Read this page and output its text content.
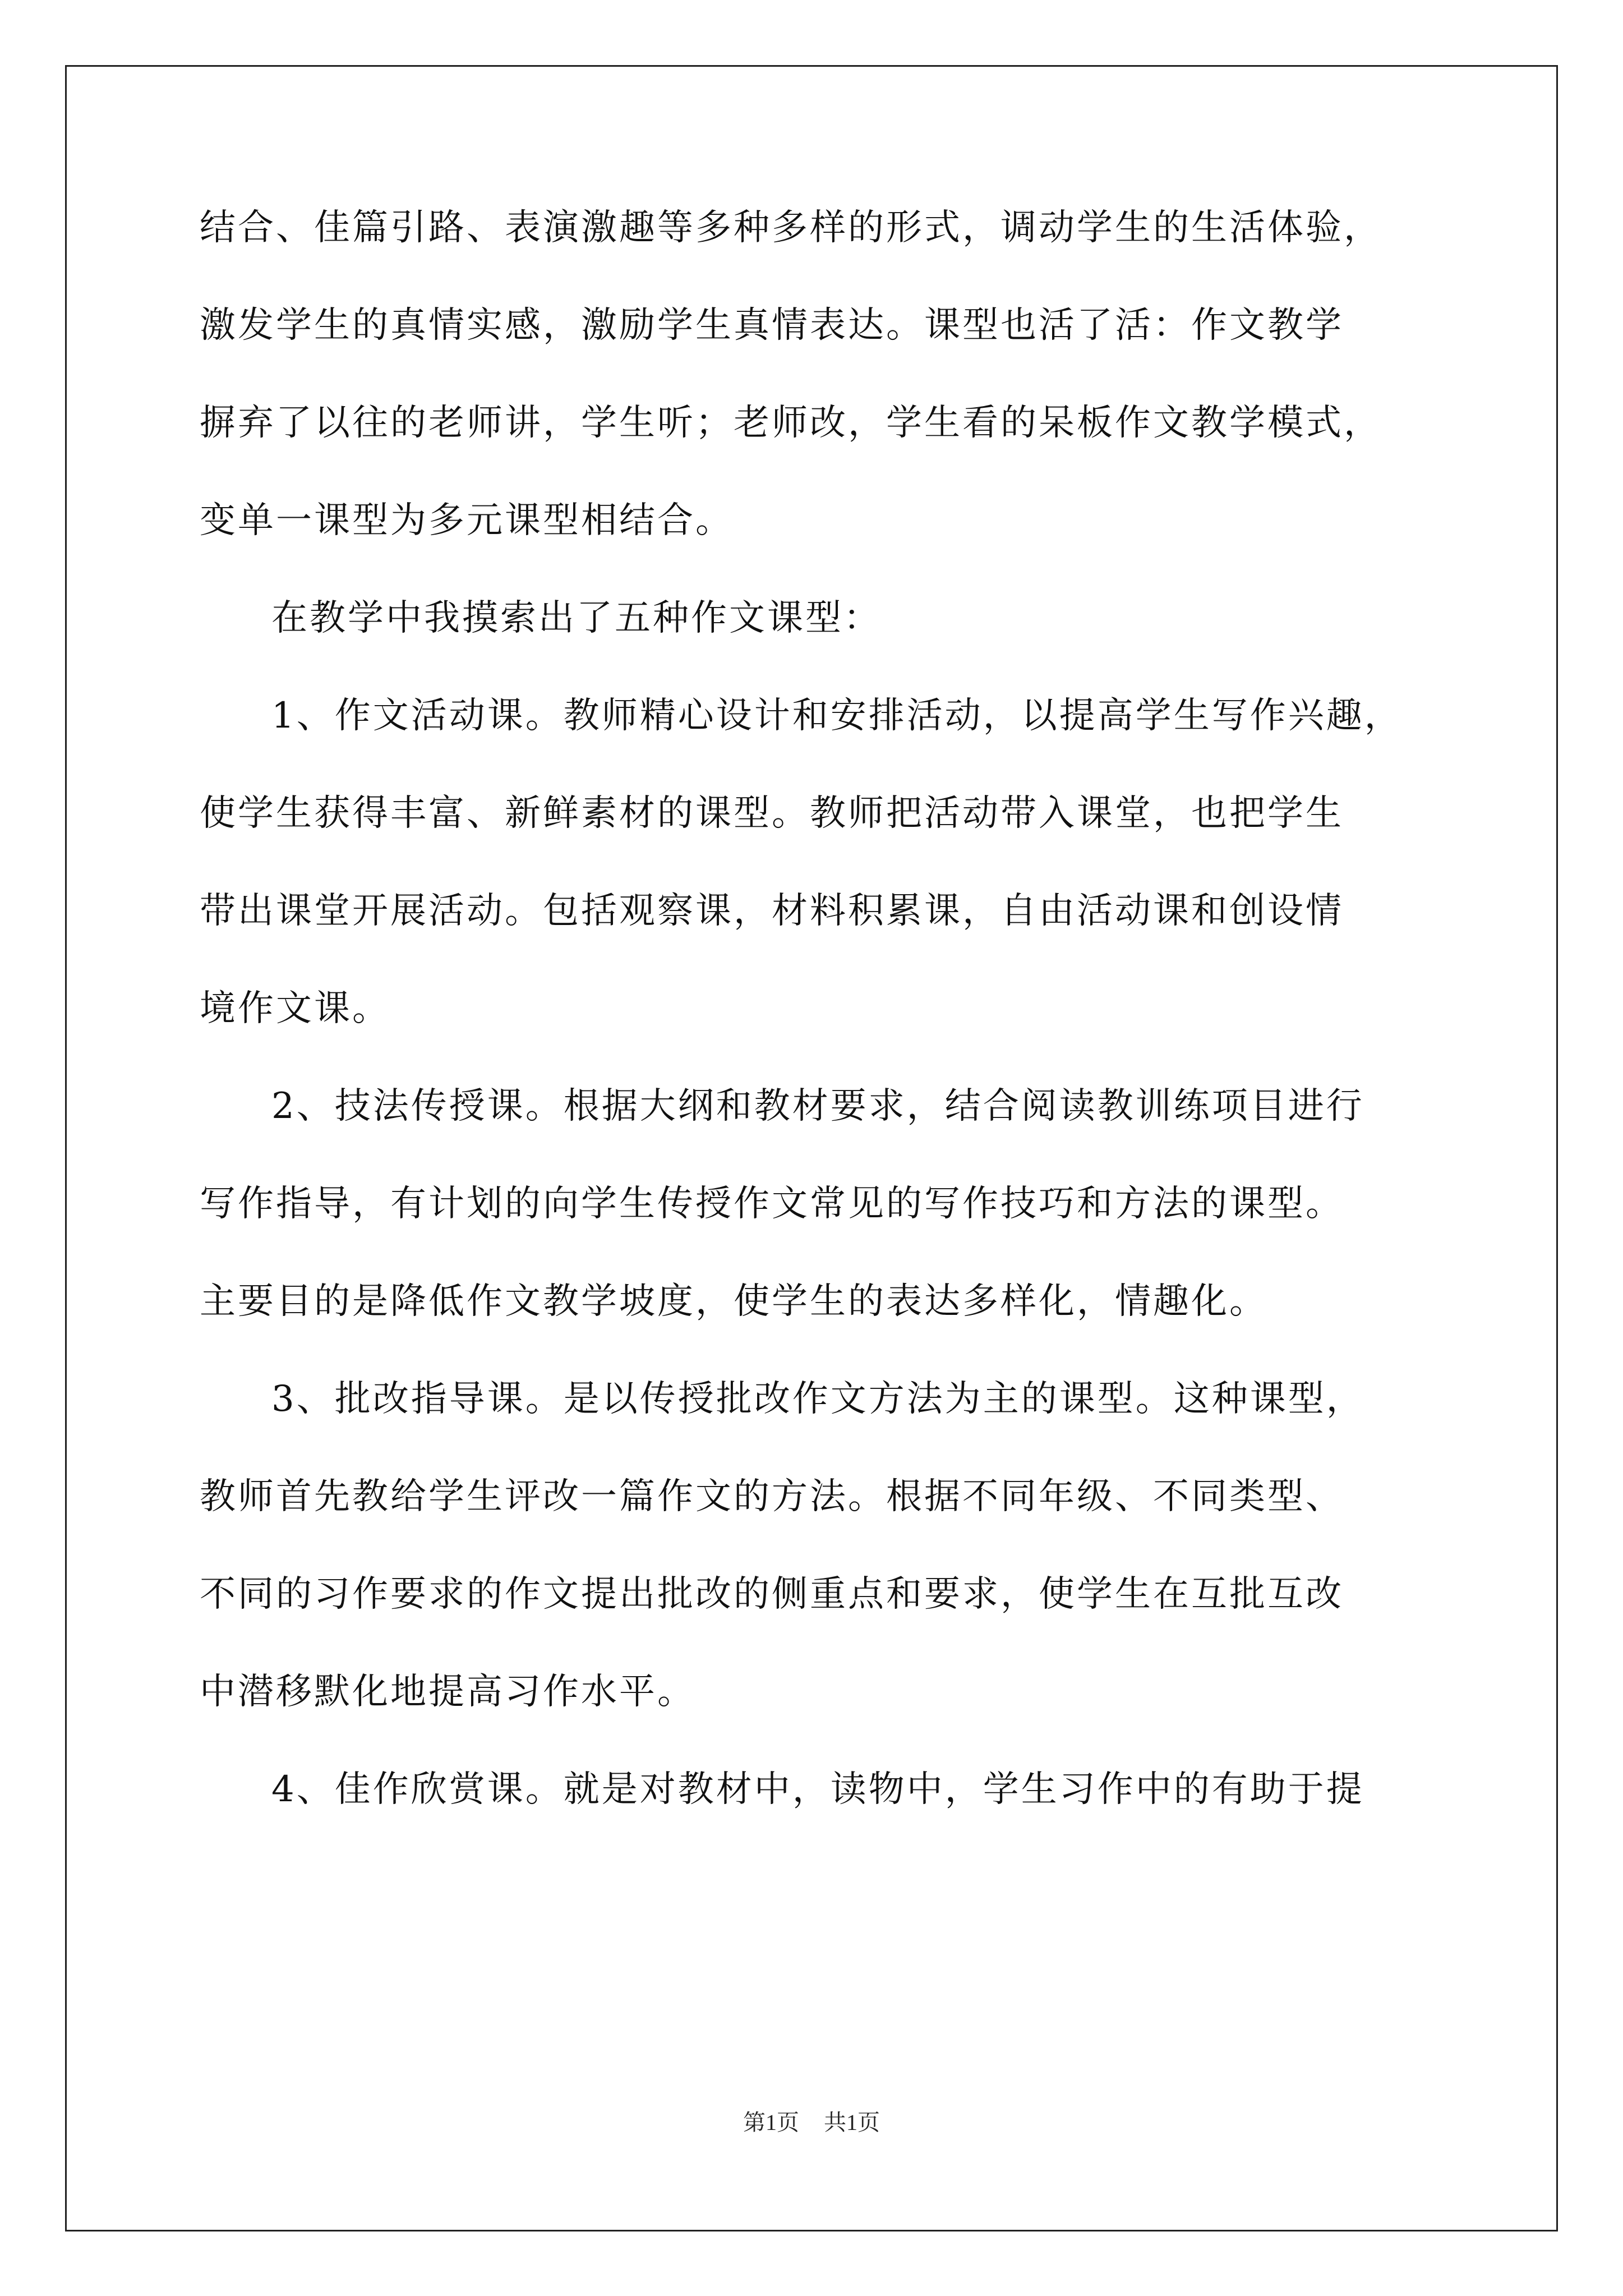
结合、佳篇引路、表演激趣等多种多样的形式，调动学生的生活体验，
激发学生的真情实感，激励学生真情表达。课型也活了活：作文教学
摒弃了以往的老师讲，学生听；老师改，学生看的呆板作文教学模式，
变单一课型为多元课型相结合。
在教学中我摸索出了五种作文课型：
1、作文活动课。教师精心设计和安排活动，以提高学生写作兴趣，
使学生获得丰富、新鲜素材的课型。教师把活动带入课堂，也把学生
带出课堂开展活动。包括观察课，材料积累课，自由活动课和创设情
境作文课。
2、技法传授课。根据大纲和教材要求，结合阅读教训练项目进行
写作指导，有计划的向学生传授作文常见的写作技巧和方法的课型。
主要目的是降低作文教学坡度，使学生的表达多样化，情趣化。
3、批改指导课。是以传授批改作文方法为主的课型。这种课型，
教师首先教给学生评改一篇作文的方法。根据不同年级、不同类型、
不同的习作要求的作文提出批改的侧重点和要求，使学生在互批互改
中潜移默化地提高习作水平。
4、佳作欣赏课。就是对教材中，读物中，学生习作中的有助于提
第1页 共1页
